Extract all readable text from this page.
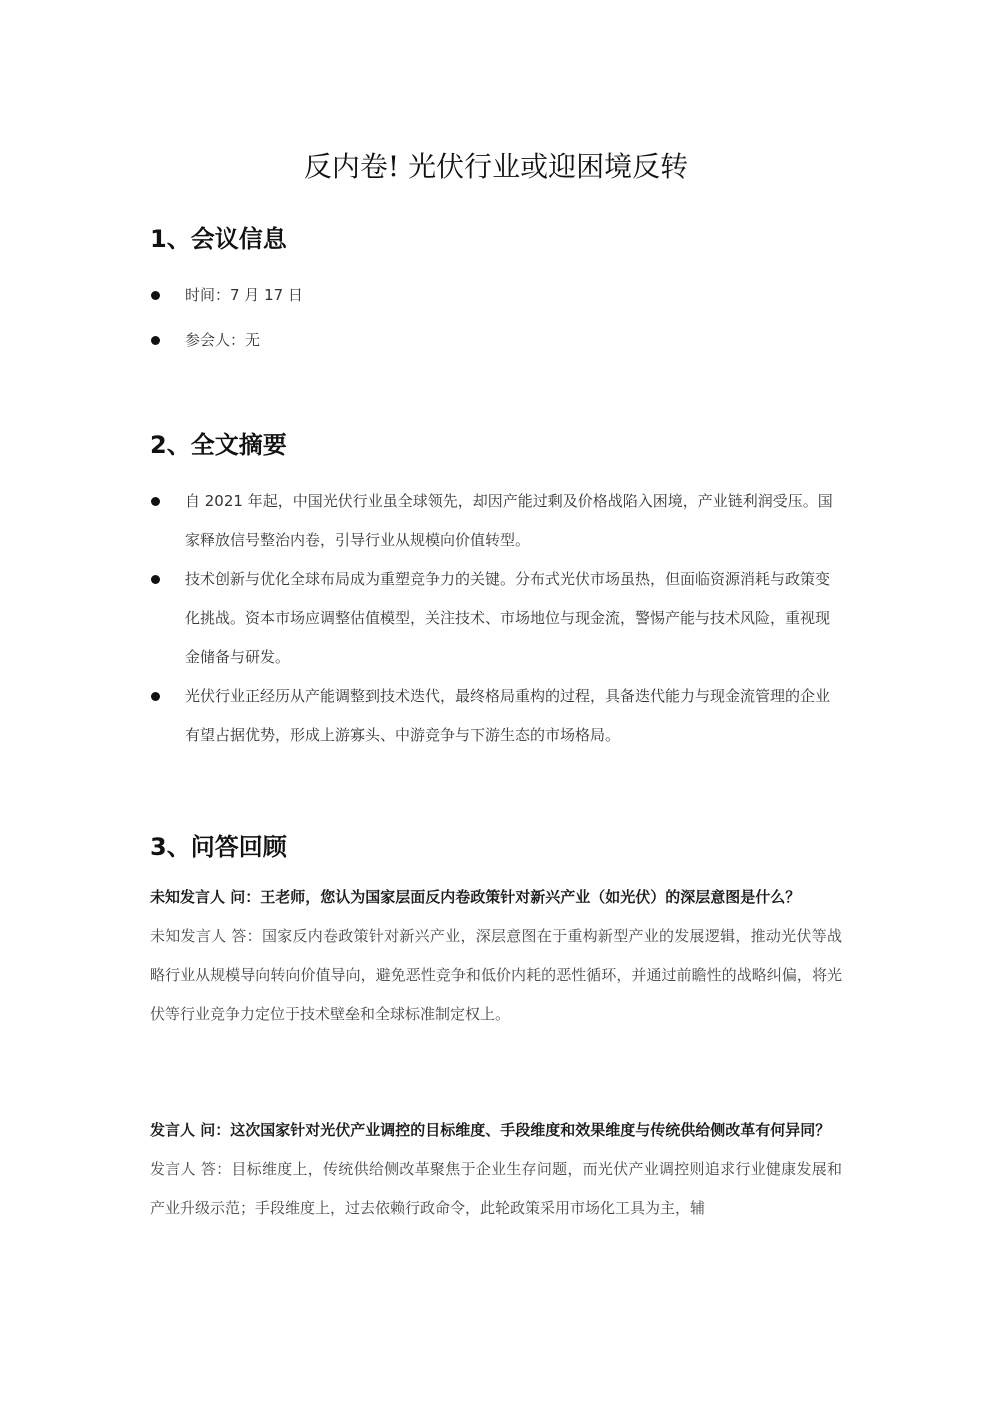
反内卷! 光伏行业或迎困境反转
1、会议信息
时间：7 月 17 日
参会人：无
2、全文摘要
自 2021 年起，中国光伏行业虽全球领先，却因产能过剩及价格战陷入困境，产业链利润受压。国家释放信号整治内卷，引导行业从规模向价值转型。
技术创新与优化全球布局成为重塑竞争力的关键。分布式光伏市场虽热，但面临资源消耗与政策变化挑战。资本市场应调整估值模型，关注技术、市场地位与现金流，警惕产能与技术风险，重视现金储备与研发。
光伏行业正经历从产能调整到技术迭代，最终格局重构的过程，具备迭代能力与现金流管理的企业有望占据优势，形成上游寡头、中游竞争与下游生态的市场格局。
3、问答回顾

未知发言人 问：王老师，您认为国家层面反内卷政策针对新兴产业（如光伏）的深层意图是什么？

未知发言人 答：国家反内卷政策针对新兴产业，深层意图在于重构新型产业的发展逻辑，推动光伏等战略行业从规模导向转向价值导向，避免恶性竞争和低价内耗的恶性循环，并通过前瞻性的战略纠偏，将光伏等行业竞争力定位于技术壁垒和全球标准制定权上。

发言人 问：这次国家针对光伏产业调控的目标维度、手段维度和效果维度与传统供给侧改革有何异同？

发言人 答：目标维度上，传统供给侧改革聚焦于企业生存问题，而光伏产业调控则追求行业健康发展和产业升级示范；手段维度上，过去依赖行政命令，此轮政策采用市场化工具为主，辅
